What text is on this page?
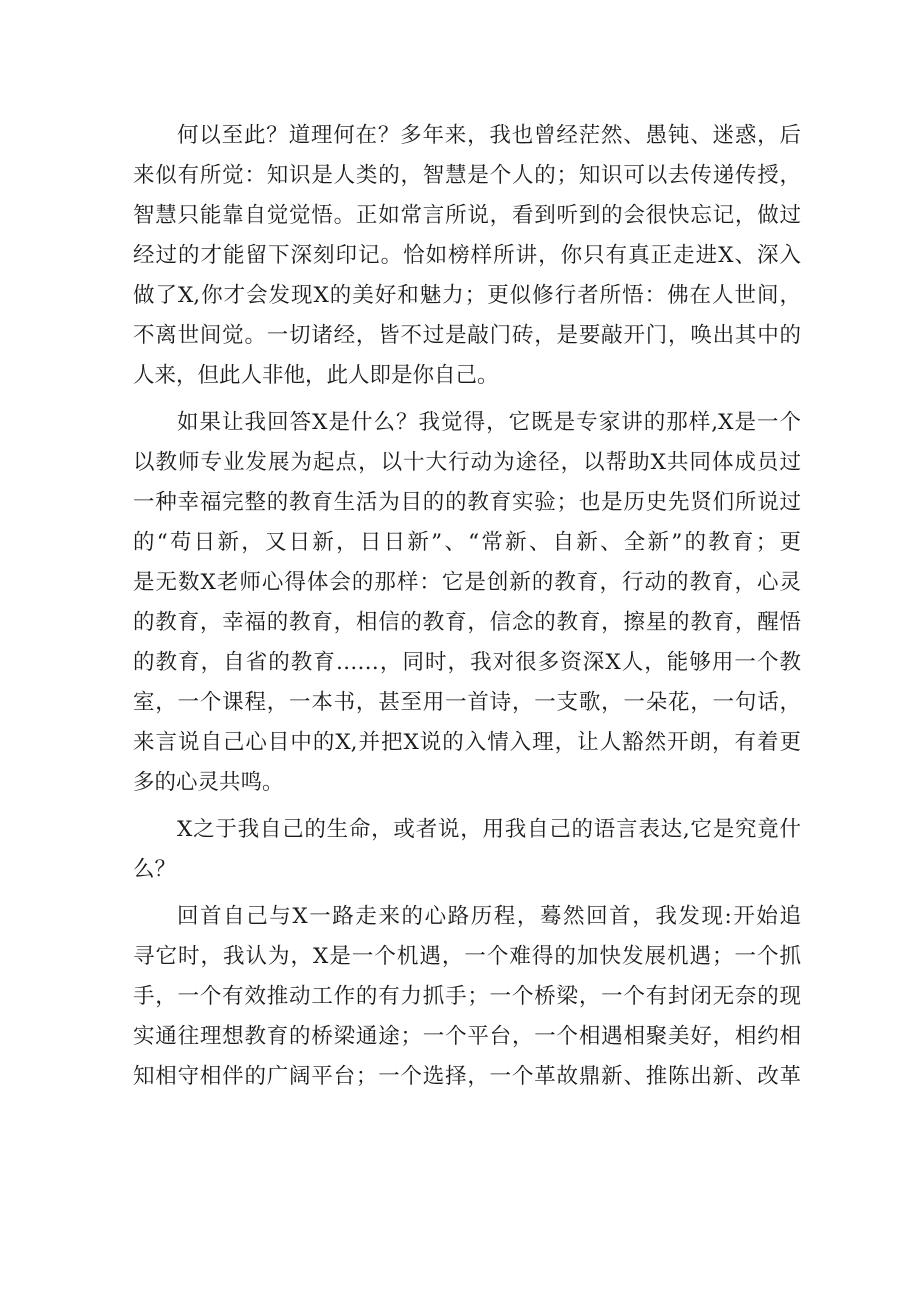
何以至此？道理何在？多年来，我也曾经茫然、愚钝、迷惑，后
来似有所觉：知识是人类的，智慧是个人的；知识可以去传递传授，
智慧只能靠自觉觉悟。正如常言所说，看到听到的会很快忘记，做过
经过的才能留下深刻印记。恰如榜样所讲，你只有真正走进X、深入
做了X,你才会发现X的美好和魅力；更似修行者所悟：佛在人世间，
不离世间觉。一切诸经，皆不过是敲门砖，是要敲开门，唤出其中的
人来，但此人非他，此人即是你自己。
如果让我回答X是什么？我觉得，它既是专家讲的那样,X是一个
以教师专业发展为起点，以十大行动为途径，以帮助X共同体成员过
一种幸福完整的教育生活为目的的教育实验；也是历史先贤们所说过
的“苟日新，又日新，日日新”、“常新、自新、全新”的教育；更
是无数X老师心得体会的那样：它是创新的教育，行动的教育，心灵
的教育，幸福的教育，相信的教育，信念的教育，擦星的教育，醒悟
的教育，自省的教育……，同时，我对很多资深X人，能够用一个教
室，一个课程，一本书，甚至用一首诗，一支歌，一朵花，一句话，
来言说自己心目中的X,并把X说的入情入理，让人豁然开朗，有着更
多的心灵共鸣。
X之于我自己的生命，或者说，用我自己的语言表达,它是究竟什
么？
回首自己与X一路走来的心路历程，蓦然回首，我发现:开始追
寻它时，我认为，X是一个机遇，一个难得的加快发展机遇；一个抓
手，一个有效推动工作的有力抓手；一个桥梁，一个有封闭无奈的现
实通往理想教育的桥梁通途；一个平台，一个相遇相聚美好，相约相
知相守相伴的广阔平台；一个选择，一个革故鼎新、推陈出新、改革
